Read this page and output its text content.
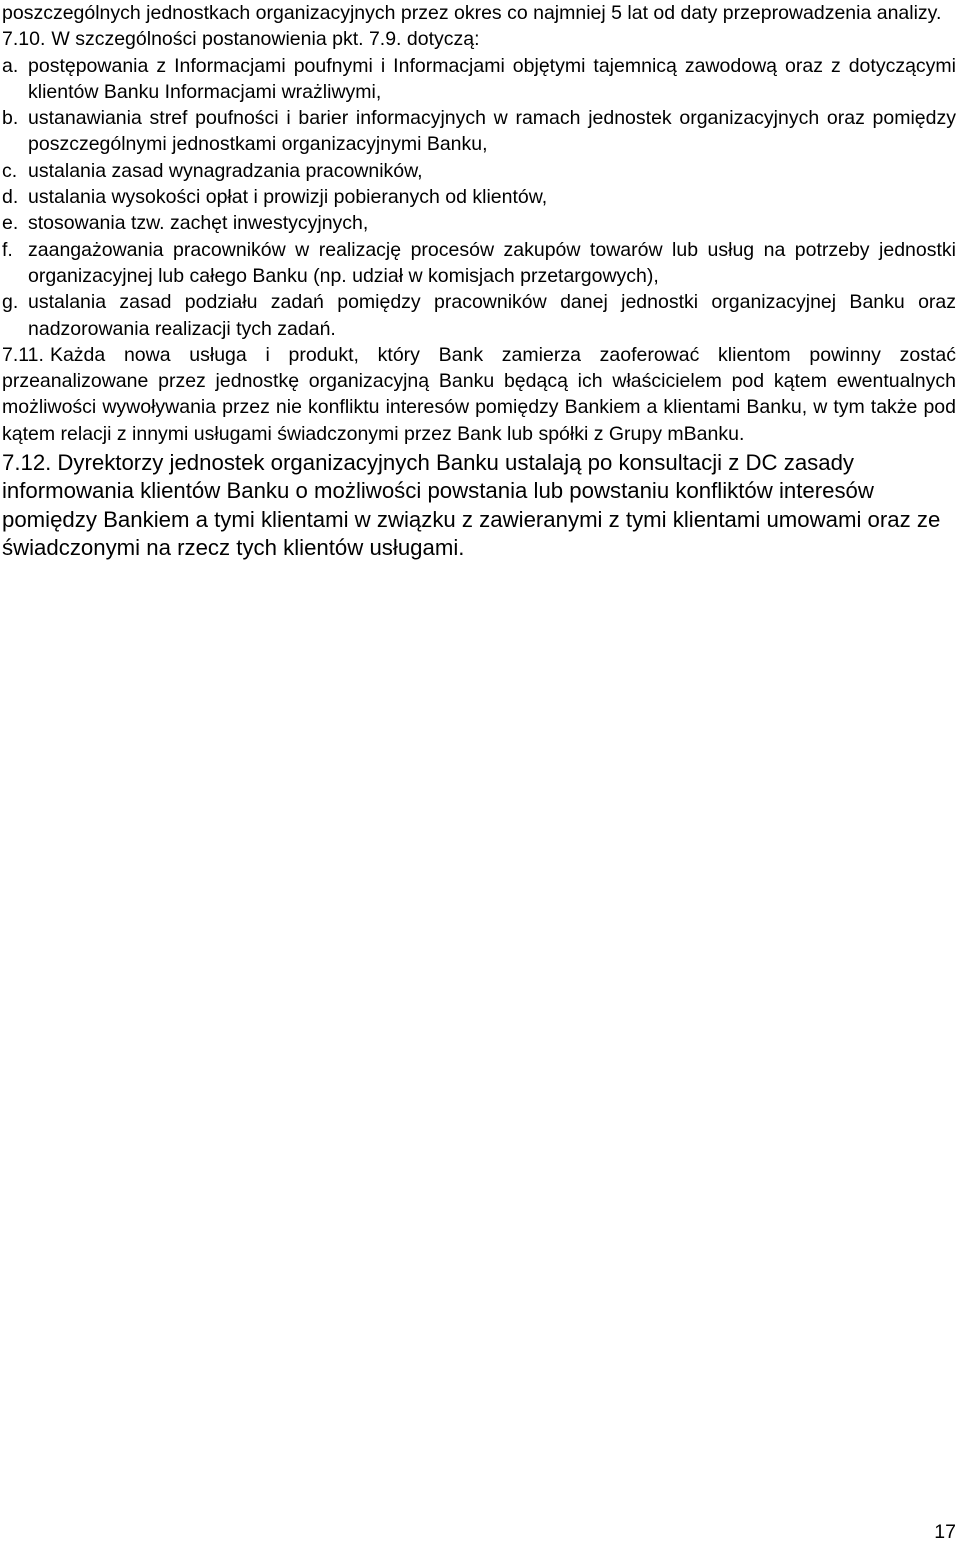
poszczególnych jednostkach organizacyjnych przez okres co najmniej 5 lat od daty przeprowadzenia analizy.

7.10. W szczególności postanowienia pkt. 7.9. dotyczą:

a. postępowania z Informacjami poufnymi i Informacjami objętymi tajemnicą zawodową oraz z dotyczącymi klientów Banku Informacjami wrażliwymi,
b. ustanawiania stref poufności i barier informacyjnych w ramach jednostek organizacyjnych oraz pomiędzy poszczególnymi jednostkami organizacyjnymi Banku,
c. ustalania zasad wynagradzania pracowników,
d. ustalania wysokości opłat i prowizji pobieranych od klientów,
e. stosowania tzw. zachęt inwestycyjnych,
f. zaangażowania pracowników w realizację procesów zakupów towarów lub usług na potrzeby jednostki organizacyjnej lub całego Banku (np. udział w komisjach przetargowych),
g. ustalania zasad podziału zadań pomiędzy pracowników danej jednostki organizacyjnej Banku oraz nadzorowania realizacji tych zadań.

7.11. Każda nowa usługa i produkt, który Bank zamierza zaoferować klientom powinny zostać przeanalizowane przez jednostkę organizacyjną Banku będącą ich właścicielem pod kątem ewentualnych możliwości wywoływania przez nie konfliktu interesów pomiędzy Bankiem a klientami Banku, w tym także pod kątem relacji z innymi usługami świadczonymi przez Bank lub spółki z Grupy mBanku.

7.12. Dyrektorzy jednostek organizacyjnych Banku ustalają po konsultacji z DC zasady informowania klientów Banku o możliwości powstania lub powstaniu konfliktów interesów pomiędzy Bankiem a tymi klientami w związku z zawieranymi z tymi klientami umowami oraz ze świadczonymi na rzecz tych klientów usługami.

17
